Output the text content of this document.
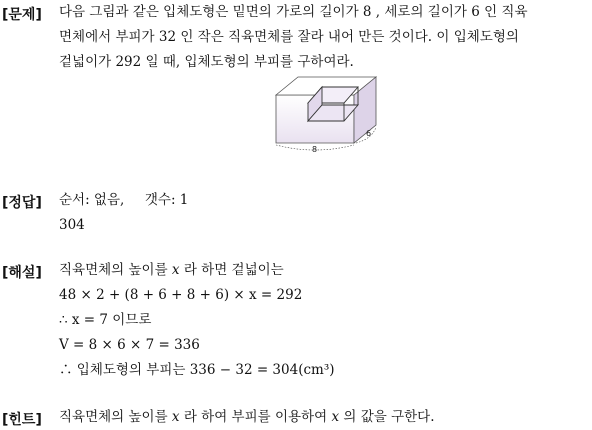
[문제] 다음 그림과 같은 입체도형은 밑면의 가로의 길이가 8 , 세로의 길이가 6 인 직육
면체에서 부피가 32 인 작은 직육면체를 잘라 내어 만든 것이다. 이 입체도형의
겉넓이가 292 일 때, 입체도형의 부피를 구하여라.
8
6
[정답] 순서: 없음, 갯수: 1
304
[해설] 직육면체의 높이를 x 라 하면 겉넓이는
48 × 2 + (8 + 6 + 8 + 6) × x = 292
∴ x = 7 이므로
V = 8 × 6 × 7 = 336
∴ 입체도형의 부피는 336 − 32 = 304(cm³)
[힌트] 직육면체의 높이를 x 라 하여 부피를 이용하여 x 의 값을 구한다.
